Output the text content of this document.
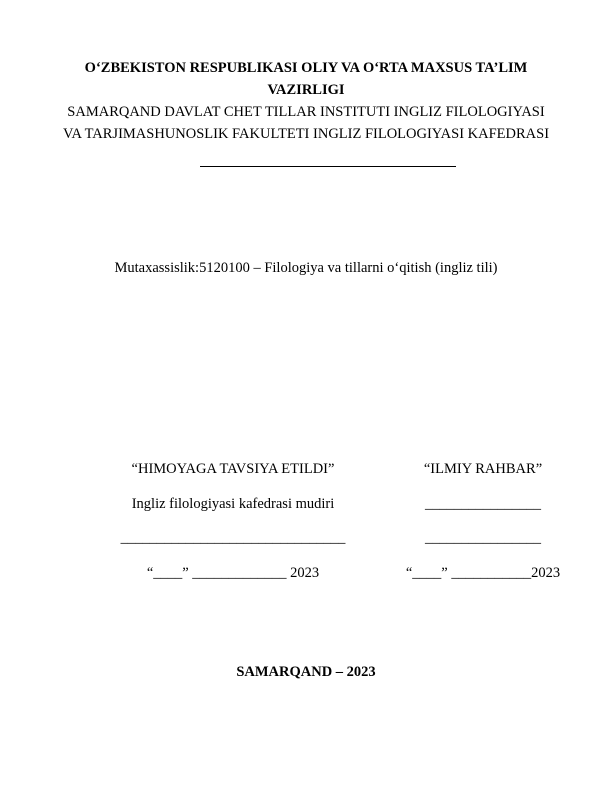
O‘ZBEKISTON RESPUBLIKASI OLIY VA O‘RTA MAXSUS TA’LIM
VAZIRLIGI
SAMARQAND DAVLAT CHET TILLAR INSTITUTI INGLIZ FILOLOGIYASI
VA TARJIMASHUNOSLIK FAKULTETI INGLIZ FILOLOGIYASI KAFEDRASI
Mutaxassislik:5120100 – Filologiya va tillarni o‘qitish (ingliz tili)
“HIMOYAGA TAVSIYA ETILDI”
Ingliz filologiyasi kafedrasi mudiri
_______________________________
“____” _____________ 2023
“ILMIY RAHBAR”
________________
________________
“____” ___________2023
SAMARQAND – 2023
